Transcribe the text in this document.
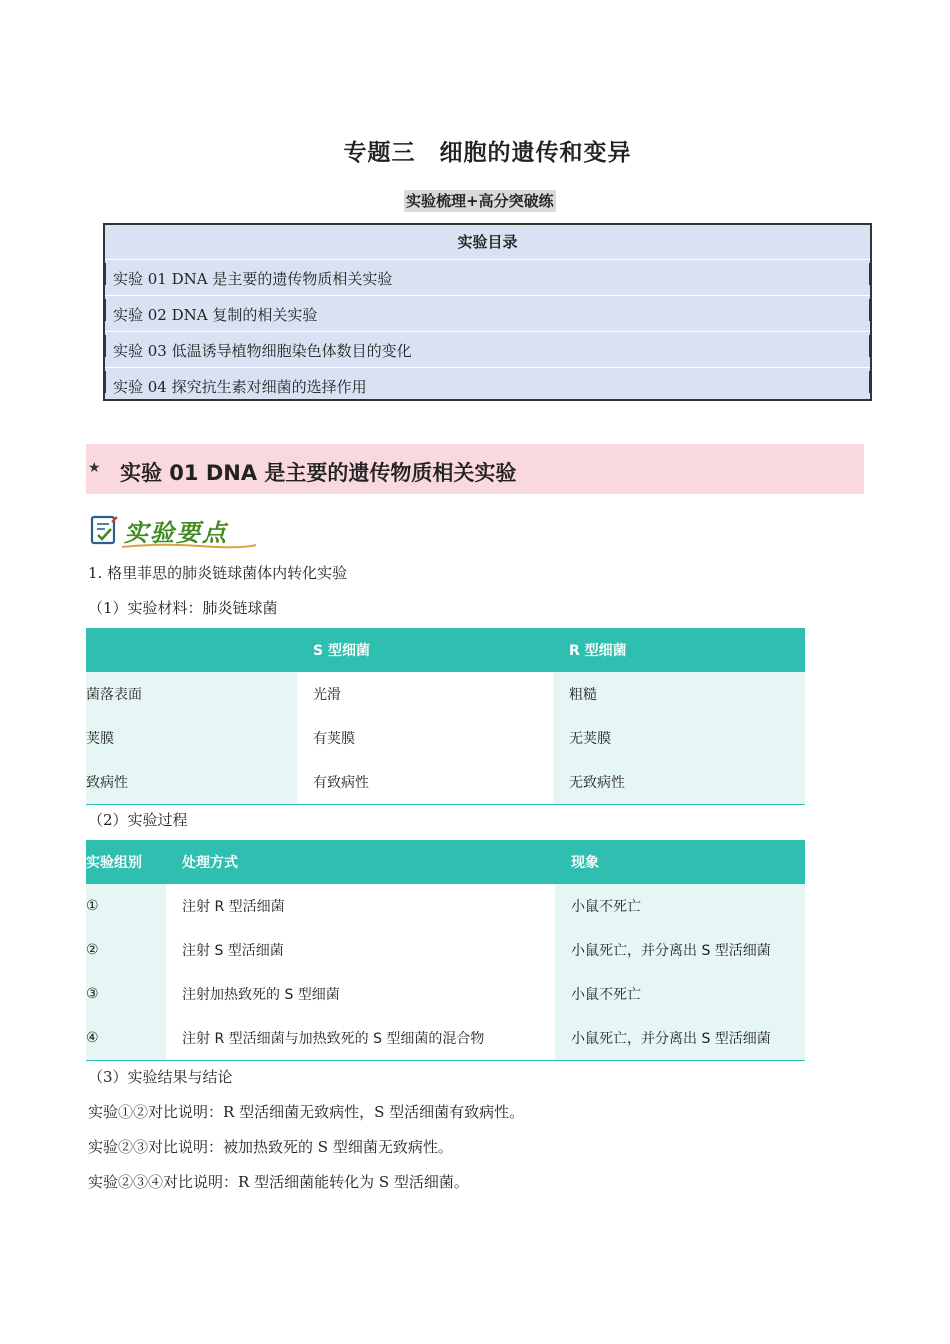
专题三　细胞的遗传和变异
实验梳理+高分突破练
实验目录
实验 01 DNA 是主要的遗传物质相关实验
实验 02 DNA 复制的相关实验
实验 03 低温诱导植物细胞染色体数目的变化
实验 04 探究抗生素对细菌的选择作用
★ 实验 01 DNA 是主要的遗传物质相关实验
实验要点
1. 格里菲思的肺炎链球菌体内转化实验
（1）实验材料：肺炎链球菌
	S 型细菌	R 型细菌
菌落表面	光滑	粗糙
荚膜	有荚膜	无荚膜
致病性	有致病性	无致病性
（2）实验过程
实验组别	处理方式	现象
①	注射 R 型活细菌	小鼠不死亡
②	注射 S 型活细菌	小鼠死亡，并分离出 S 型活细菌
③	注射加热致死的 S 型细菌	小鼠不死亡
④	注射 R 型活细菌与加热致死的 S 型细菌的混合物	小鼠死亡，并分离出 S 型活细菌
（3）实验结果与结论
实验①②对比说明：R 型活细菌无致病性，S 型活细菌有致病性。
实验②③对比说明：被加热致死的 S 型细菌无致病性。
实验②③④对比说明：R 型活细菌能转化为 S 型活细菌。
